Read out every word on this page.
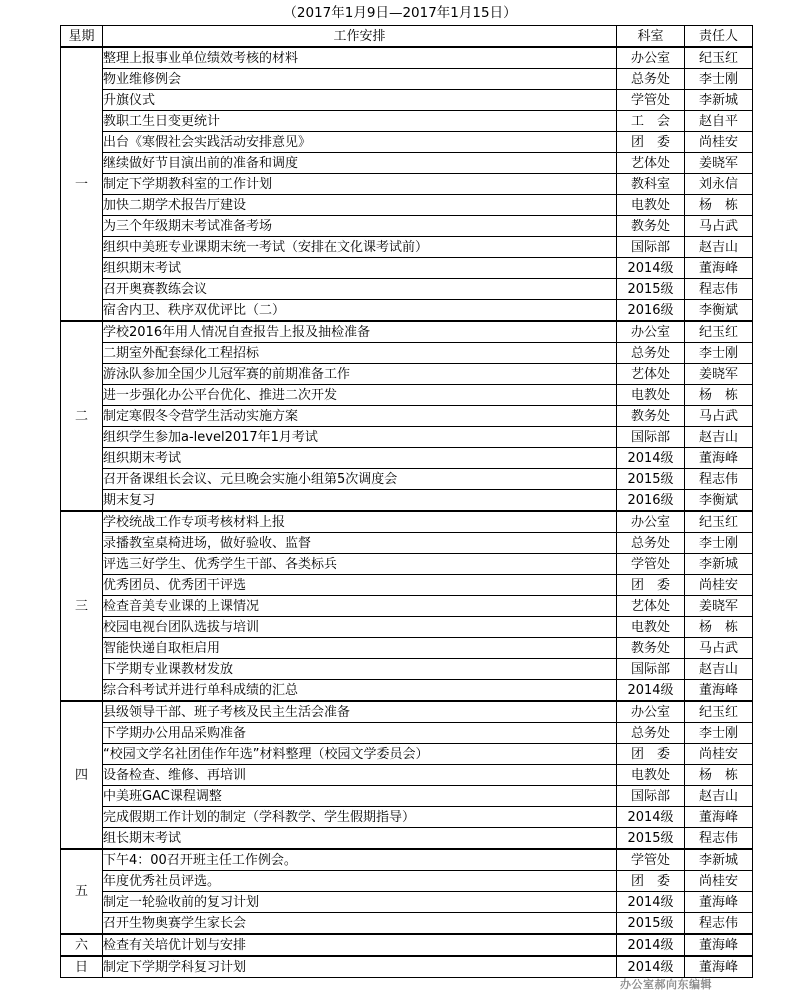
（2017年1月9日—2017年1月15日）
星期	工作安排	科室	责任人
一	整理上报事业单位绩效考核的材料	办公室	纪玉红
	物业维修例会	总务处	李士刚
	升旗仪式	学管处	李新城
	教职工生日变更统计	工　会	赵自平
	出台《寒假社会实践活动安排意见》	团　委	尚桂安
	继续做好节目演出前的准备和调度	艺体处	姜晓军
	制定下学期教科室的工作计划	教科室	刘永信
	加快二期学术报告厅建设	电教处	杨　栋
	为三个年级期末考试准备考场	教务处	马占武
	组织中美班专业课期末统一考试（安排在文化课考试前）	国际部	赵吉山
	组织期末考试	2014级	董海峰
	召开奥赛教练会议	2015级	程志伟
	宿舍内卫、秩序双优评比（二）	2016级	李衡斌
二	学校2016年用人情况自查报告上报及抽检准备	办公室	纪玉红
	二期室外配套绿化工程招标	总务处	李士刚
	游泳队参加全国少儿冠军赛的前期准备工作	艺体处	姜晓军
	进一步强化办公平台优化、推进二次开发	电教处	杨　栋
	制定寒假冬令营学生活动实施方案	教务处	马占武
	组织学生参加a-level2017年1月考试	国际部	赵吉山
	组织期末考试	2014级	董海峰
	召开备课组长会议、元旦晚会实施小组第5次调度会	2015级	程志伟
	期末复习	2016级	李衡斌
三	学校统战工作专项考核材料上报	办公室	纪玉红
	录播教室桌椅进场，做好验收、监督	总务处	李士刚
	评选三好学生、优秀学生干部、各类标兵	学管处	李新城
	优秀团员、优秀团干评选	团　委	尚桂安
	检查音美专业课的上课情况	艺体处	姜晓军
	校园电视台团队选拔与培训	电教处	杨　栋
	智能快递自取柜启用	教务处	马占武
	下学期专业课教材发放	国际部	赵吉山
	综合科考试并进行单科成绩的汇总	2014级	董海峰
四	县级领导干部、班子考核及民主生活会准备	办公室	纪玉红
	下学期办公用品采购准备	总务处	李士刚
	“校园文学名社团佳作年选”材料整理（校园文学委员会）	团　委	尚桂安
	设备检查、维修、再培训	电教处	杨　栋
	中美班GAC课程调整	国际部	赵吉山
	完成假期工作计划的制定（学科教学、学生假期指导）	2014级	董海峰
	组长期末考试	2015级	程志伟
五	下午4：00召开班主任工作例会。	学管处	李新城
	年度优秀社员评选。	团　委	尚桂安
	制定一轮验收前的复习计划	2014级	董海峰
	召开生物奥赛学生家长会	2015级	程志伟
六	检查有关培优计划与安排	2014级	董海峰
日	制定下学期学科复习计划	2014级	董海峰
办公室郝向东编辑
